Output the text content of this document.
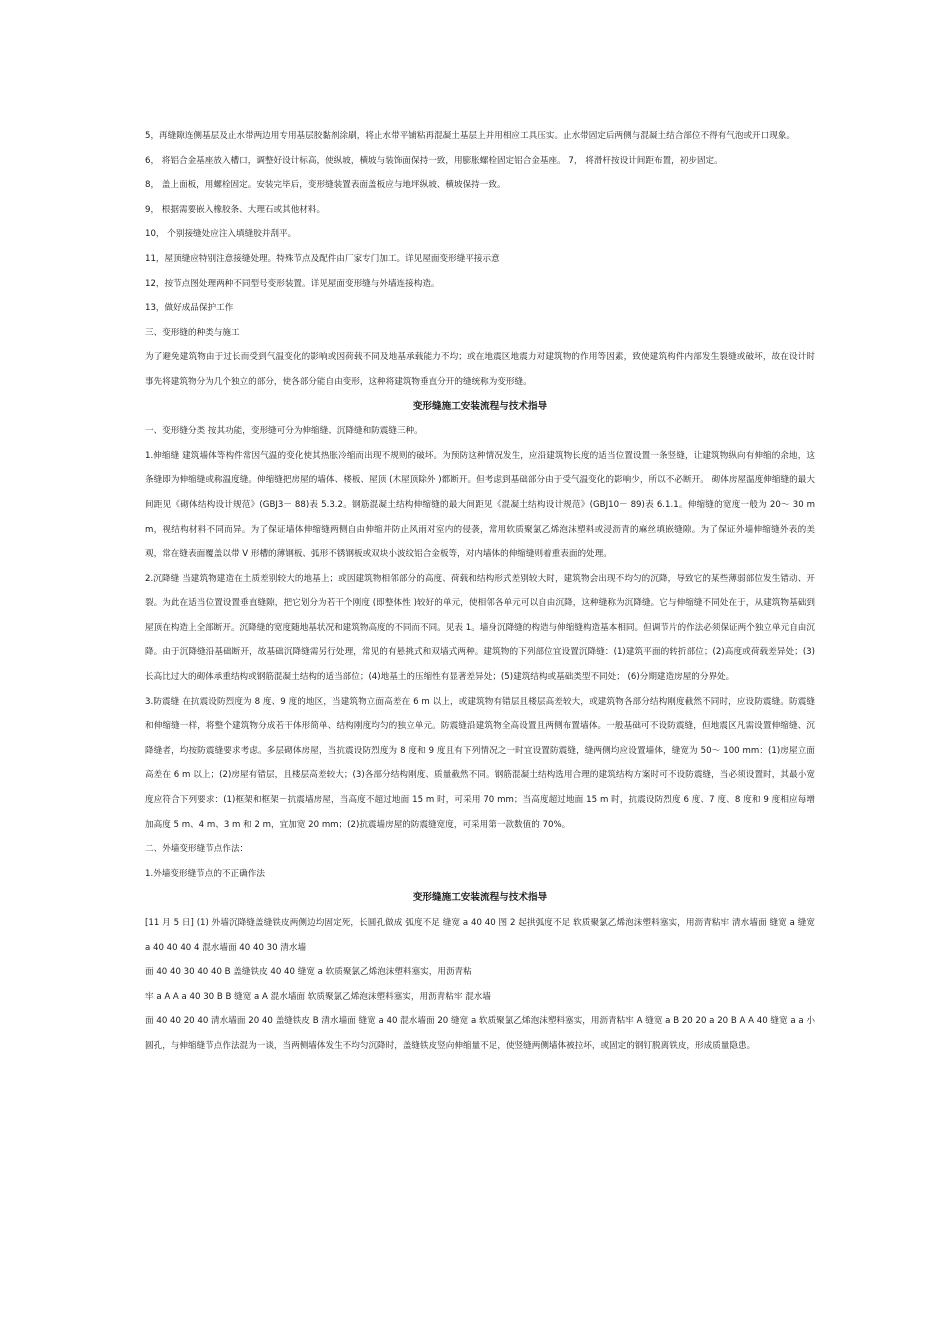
5，再缝隙连侧基层及止水带两边用专用基层胶黏剂涂刷，将止水带平铺粘再混凝土基层上并用相应工具压实。止水带固定后两侧与混凝土结合部位不得有气泡或开口现象。

6， 将铝合金基座放入槽口，调整好设计标高，使纵坡，横坡与装饰面保持一致，用膨胀螺栓固定铝合金基座。 7， 将滑杆按设计间距布置，初步固定。

8， 盖上面板，用螺栓固定。安装完毕后，变形缝装置表面盖板应与地坪纵坡、横坡保持一致。

9， 根据需要嵌入橡胶条、大理石或其他材料。

10， 个别接缝处应注入填缝胶并刮平。

11，屋顶缝应特别注意接缝处理。特殊节点及配件由厂家专门加工。详见屋面变形缝平接示意

12，按节点图处理两种不同型号变形装置。详见屋面变形缝与外墙连接构造。

13，做好成品保护工作

三、变形缝的种类与施工

为了避免建筑物由于过长而受到气温变化的影响或因荷载不同及地基承载能力不均；或在地震区地震力对建筑物的作用等因素，致使建筑构件内部发生裂缝或破坏，故在设计时事先将建筑物分为几个独立的部分，使各部分能自由变形，这种将建筑物垂直分开的缝统称为变形缝。

变形缝施工安装流程与技术指导

一、变形缝分类 按其功能，变形缝可分为伸缩缝、沉降缝和防震缝三种。

1.伸缩缝 建筑墙体等构件常因气温的变化使其热胀冷缩而出现不规则的破坏。为预防这种情况发生，应沿建筑物长度的适当位置设置一条竖缝，让建筑物纵向有伸缩的余地，这条缝即为伸缩缝或称温度缝。伸缩缝把房屋的墙体、楼板、屋顶 (木屋顶除外 )都断开。但考虑到基础部分由于受气温变化的影响少，所以不必断开。 砌体房屋温度伸缩缝的最大间距见《砌体结构设计规范》(GBJ3－ 88)表 5.3.2。钢筋混凝土结构伸缩缝的最大间距见《混凝土结构设计规范》(GBJ10－ 89)表 6.1.1。伸缩缝的宽度一般为 20～ 30 mm，视结构材料不同而异。为了保证墙体伸缩缝两侧自由伸缩并防止风雨对室内的侵袭，常用软质聚氯乙烯泡沫塑料或浸沥青的麻丝填嵌缝隙。为了保证外墙伸缩缝外表的美观，常在缝表面覆盖以带 V 形槽的薄钢板、弧形不锈钢板或双块小波纹铝合金板等，对内墙体的伸缩缝则着重表面的处理。

2.沉降缝 当建筑物建造在土质差别较大的地基上；或因建筑物相邻部分的高度、荷载和结构形式差别较大时，建筑物会出现不均匀的沉降，导致它的某些薄弱部位发生错动、开裂。为此在适当位置设置垂直缝隙，把它划分为若干个刚度 (即整体性 )较好的单元，使相邻各单元可以自由沉降，这种缝称为沉降缝。它与伸缩缝不同处在于，从建筑物基础到屋顶在构造上全部断开。沉降缝的宽度随地基状况和建筑物高度的不同而不同。见表 1。墙身沉降缝的构造与伸缩缝构造基本相同。但调节片的作法必须保证两个独立单元自由沉降。由于沉降缝沿基础断开，故基础沉降缝需另行处理，常见的有悬挑式和双墙式两种。建筑物的下列部位宜设置沉降缝：(1)建筑平面的转折部位；(2)高度或荷载差异处；(3)长高比过大的砌体承重结构或钢筋混凝土结构的适当部位；(4)地基土的压缩性有显著差异处；(5)建筑结构或基础类型不同处； (6)分期建造房屋的分界处。

3.防震缝 在抗震设防烈度为 8 度、9 度的地区，当建筑物立面高差在 6 m 以上，或建筑物有错层且楼层高差较大，或建筑物各部分结构刚度截然不同时，应设防震缝。防震缝和伸缩缝一样，将整个建筑物分成若干体形简单、结构刚度均匀的独立单元。防震缝沿建筑物全高设置且两侧布置墙体。一般基础可不设防震缝，但地震区凡需设置伸缩缝、沉降缝者，均按防震缝要求考虑。多层砌体房屋，当抗震设防烈度为 8 度和 9 度且有下列情况之一时宜设置防震缝，缝两侧均应设置墙体，缝宽为 50～ 100 mm：(1)房屋立面高差在 6 m 以上；(2)房屋有错层，且楼层高差较大；(3)各部分结构刚度、质量截然不同。钢筋混凝土结构选用合理的建筑结构方案时可不设防震缝，当必须设置时，其最小宽度应符合下列要求：(1)框架和框架－抗震墙房屋，当高度不超过地面 15 m 时，可采用 70 mm；当高度超过地面 15 m 时，抗震设防烈度 6 度、7 度、8 度和 9 度相应每增加高度 5 m、4 m、3 m 和 2 m，宜加宽 20 mm；(2)抗震墙房屋的防震缝宽度，可采用第一款数值的 70%。

二、外墙变形缝节点作法：

1.外墙变形缝节点的不正确作法

变形缝施工安装流程与技术指导

[11 月 5 日] (1) 外墙沉降缝盖缝铁皮两侧边均固定死，长圆孔做成 弧度不足 缝宽 a 40 40 图 2 起拱弧度不足 软质聚氯乙烯泡沫塑料塞实，用沥青粘牢 清水墙面 缝宽 a 缝宽 a 40 40 40 4 混水墙面 40 40 30 清水墙

面 40 40 30 40 40 B 盖缝铁皮 40 40 缝宽 a 软质聚氯乙烯泡沫塑料塞实，用沥青粘

牢 a A A a 40 30 B B 缝宽 a A 混水墙面 软质聚氯乙烯泡沫塑料塞实，用沥青粘牢 混水墙

面 40 40 20 40 清水墙面 20 40 盖缝铁皮 B 清水墙面 缝宽 a 40 混水墙面 20 缝宽 a 软质聚氯乙烯泡沫塑料塞实，用沥青粘牢 A 缝宽 a B 20 20 a 20 B A A 40 缝宽 a a 小圆孔，与伸缩缝节点作法混为一谈，当两侧墙体发生不均匀沉降时，盖缝铁皮竖向伸缩量不足，使竖缝两侧墙体被拉坏，或固定的钢钉脱离铁皮，形成质量隐患。
